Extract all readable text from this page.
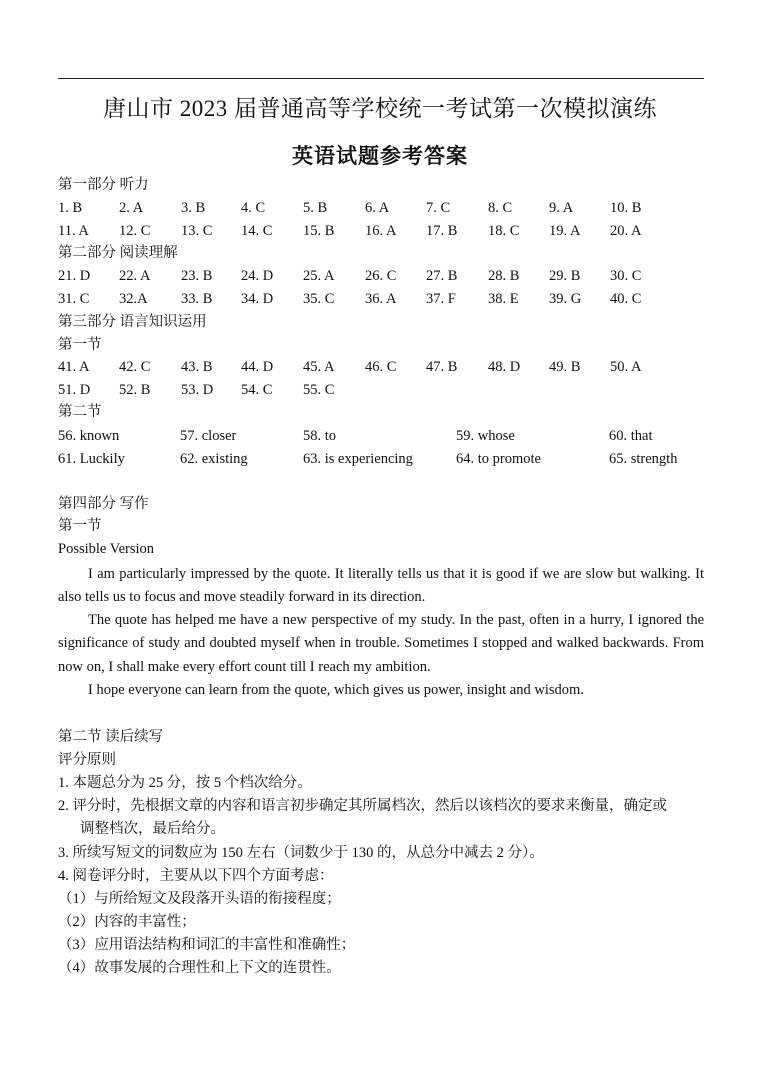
唐山市 2023 届普通高等学校统一考试第一次模拟演练
英语试题参考答案
第一部分 听力
1. B	2. A	3. B 4. C	5. B	6. A	7. C	8. C	9. A	10. B
11. A 12. C 13. C 14. C 15. B 16. A 17. B 18. C 19. A 20. A
第二部分 阅读理解
21. D 22. A 23. B 24. D 25. A 26. C 27. B 28. B 29. B 30. C
31. C 32.A 33. B 34. D 35. C 36. A 37. F 38. E 39. G 40. C
第三部分 语言知识运用
第一节
41. A 42. C 43. B 44. D 45. A 46. C 47. B 48. D 49. B 50. A
51. D 52. B 53. D 54. C 55. C
第二节
56. known	57. closer	58. to	59. whose	60. that
61. Luckily	62. existing	63. is experiencing	64. to promote	65. strength
第四部分 写作
第一节
Possible Version
I am particularly impressed by the quote. It literally tells us that it is good if we are slow but walking. It also tells us to focus and move steadily forward in its direction.
The quote has helped me have a new perspective of my study. In the past, often in a hurry, I ignored the significance of study and doubted myself when in trouble. Sometimes I stopped and walked backwards. From now on, I shall make every effort count till I reach my ambition.
I hope everyone can learn from the quote, which gives us power, insight and wisdom.
第二节 读后续写
评分原则
1. 本题总分为 25 分，按 5 个档次给分。
2. 评分时，先根据文章的内容和语言初步确定其所属档次，然后以该档次的要求来衡量，确定或
调整档次，最后给分。
3. 所续写短文的词数应为 150 左右（词数少于 130 的，从总分中减去 2 分）。
4. 阅卷评分时，主要从以下四个方面考虑：
（1）与所给短文及段落开头语的衔接程度；
（2）内容的丰富性；
（3）应用语法结构和词汇的丰富性和准确性；
（4）故事发展的合理性和上下文的连贯性。
